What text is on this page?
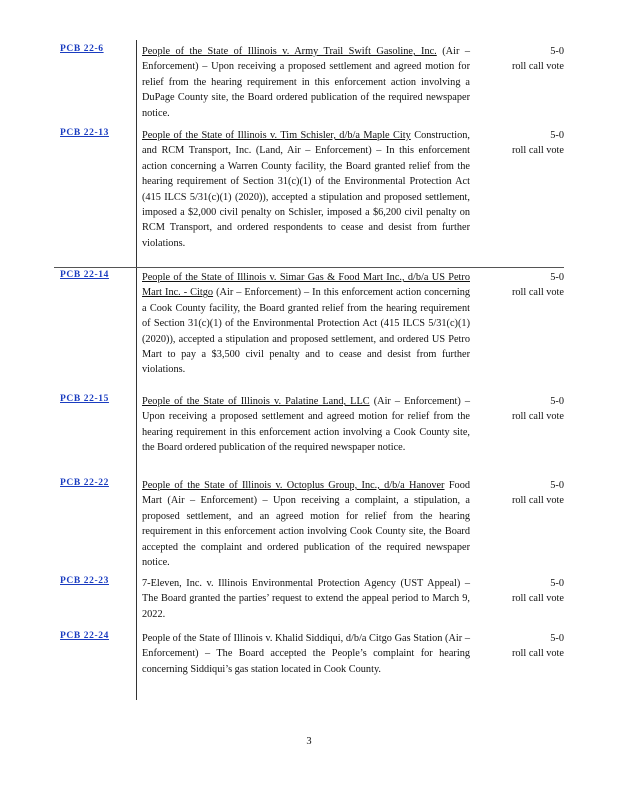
PCB 22-6	People of the State of Illinois v. Army Trail Swift Gasoline, Inc. (Air – Enforcement) – Upon receiving a proposed settlement and agreed motion for relief from the hearing requirement in this enforcement action involving a DuPage County site, the Board ordered publication of the required newspaper notice.
5-0
roll call vote
PCB 22-13	People of the State of Illinois v. Tim Schisler, d/b/a Maple City Construction, and RCM Transport, Inc. (Land, Air – Enforcement) – In this enforcement action concerning a Warren County facility, the Board granted relief from the hearing requirement of Section 31(c)(1) of the Environmental Protection Act (415 ILCS 5/31(c)(1) (2020)), accepted a stipulation and proposed settlement, imposed a $2,000 civil penalty on Schisler, imposed a $6,200 civil penalty on RCM Transport, and ordered respondents to cease and desist from further violations.
5-0
roll call vote
PCB 22-14	People of the State of Illinois v. Simar Gas & Food Mart Inc., d/b/a US Petro Mart Inc. - Citgo (Air – Enforcement) – In this enforcement action concerning a Cook County facility, the Board granted relief from the hearing requirement of Section 31(c)(1) of the Environmental Protection Act (415 ILCS 5/31(c)(1) (2020)), accepted a stipulation and proposed settlement, and ordered US Petro Mart to pay a $3,500 civil penalty and to cease and desist from further violations.
5-0
roll call vote
PCB 22-15	People of the State of Illinois v. Palatine Land, LLC (Air – Enforcement) – Upon receiving a proposed settlement and agreed motion for relief from the hearing requirement in this enforcement action involving a Cook County site, the Board ordered publication of the required newspaper notice.
5-0
roll call vote
PCB 22-22	People of the State of Illinois v. Octoplus Group, Inc., d/b/a Hanover Food Mart (Air – Enforcement) – Upon receiving a complaint, a stipulation, a proposed settlement, and an agreed motion for relief from the hearing requirement in this enforcement action involving Cook County site, the Board accepted the complaint and ordered publication of the required newspaper notice.
5-0
roll call vote
PCB 22-23	7-Eleven, Inc. v. Illinois Environmental Protection Agency (UST Appeal) – The Board granted the parties’ request to extend the appeal period to March 9, 2022.
5-0
roll call vote
PCB 22-24	People of the State of Illinois v. Khalid Siddiqui, d/b/a Citgo Gas Station (Air – Enforcement) – The Board accepted the People’s complaint for hearing concerning Siddiqui’s gas station located in Cook County.
5-0
roll call vote
3
